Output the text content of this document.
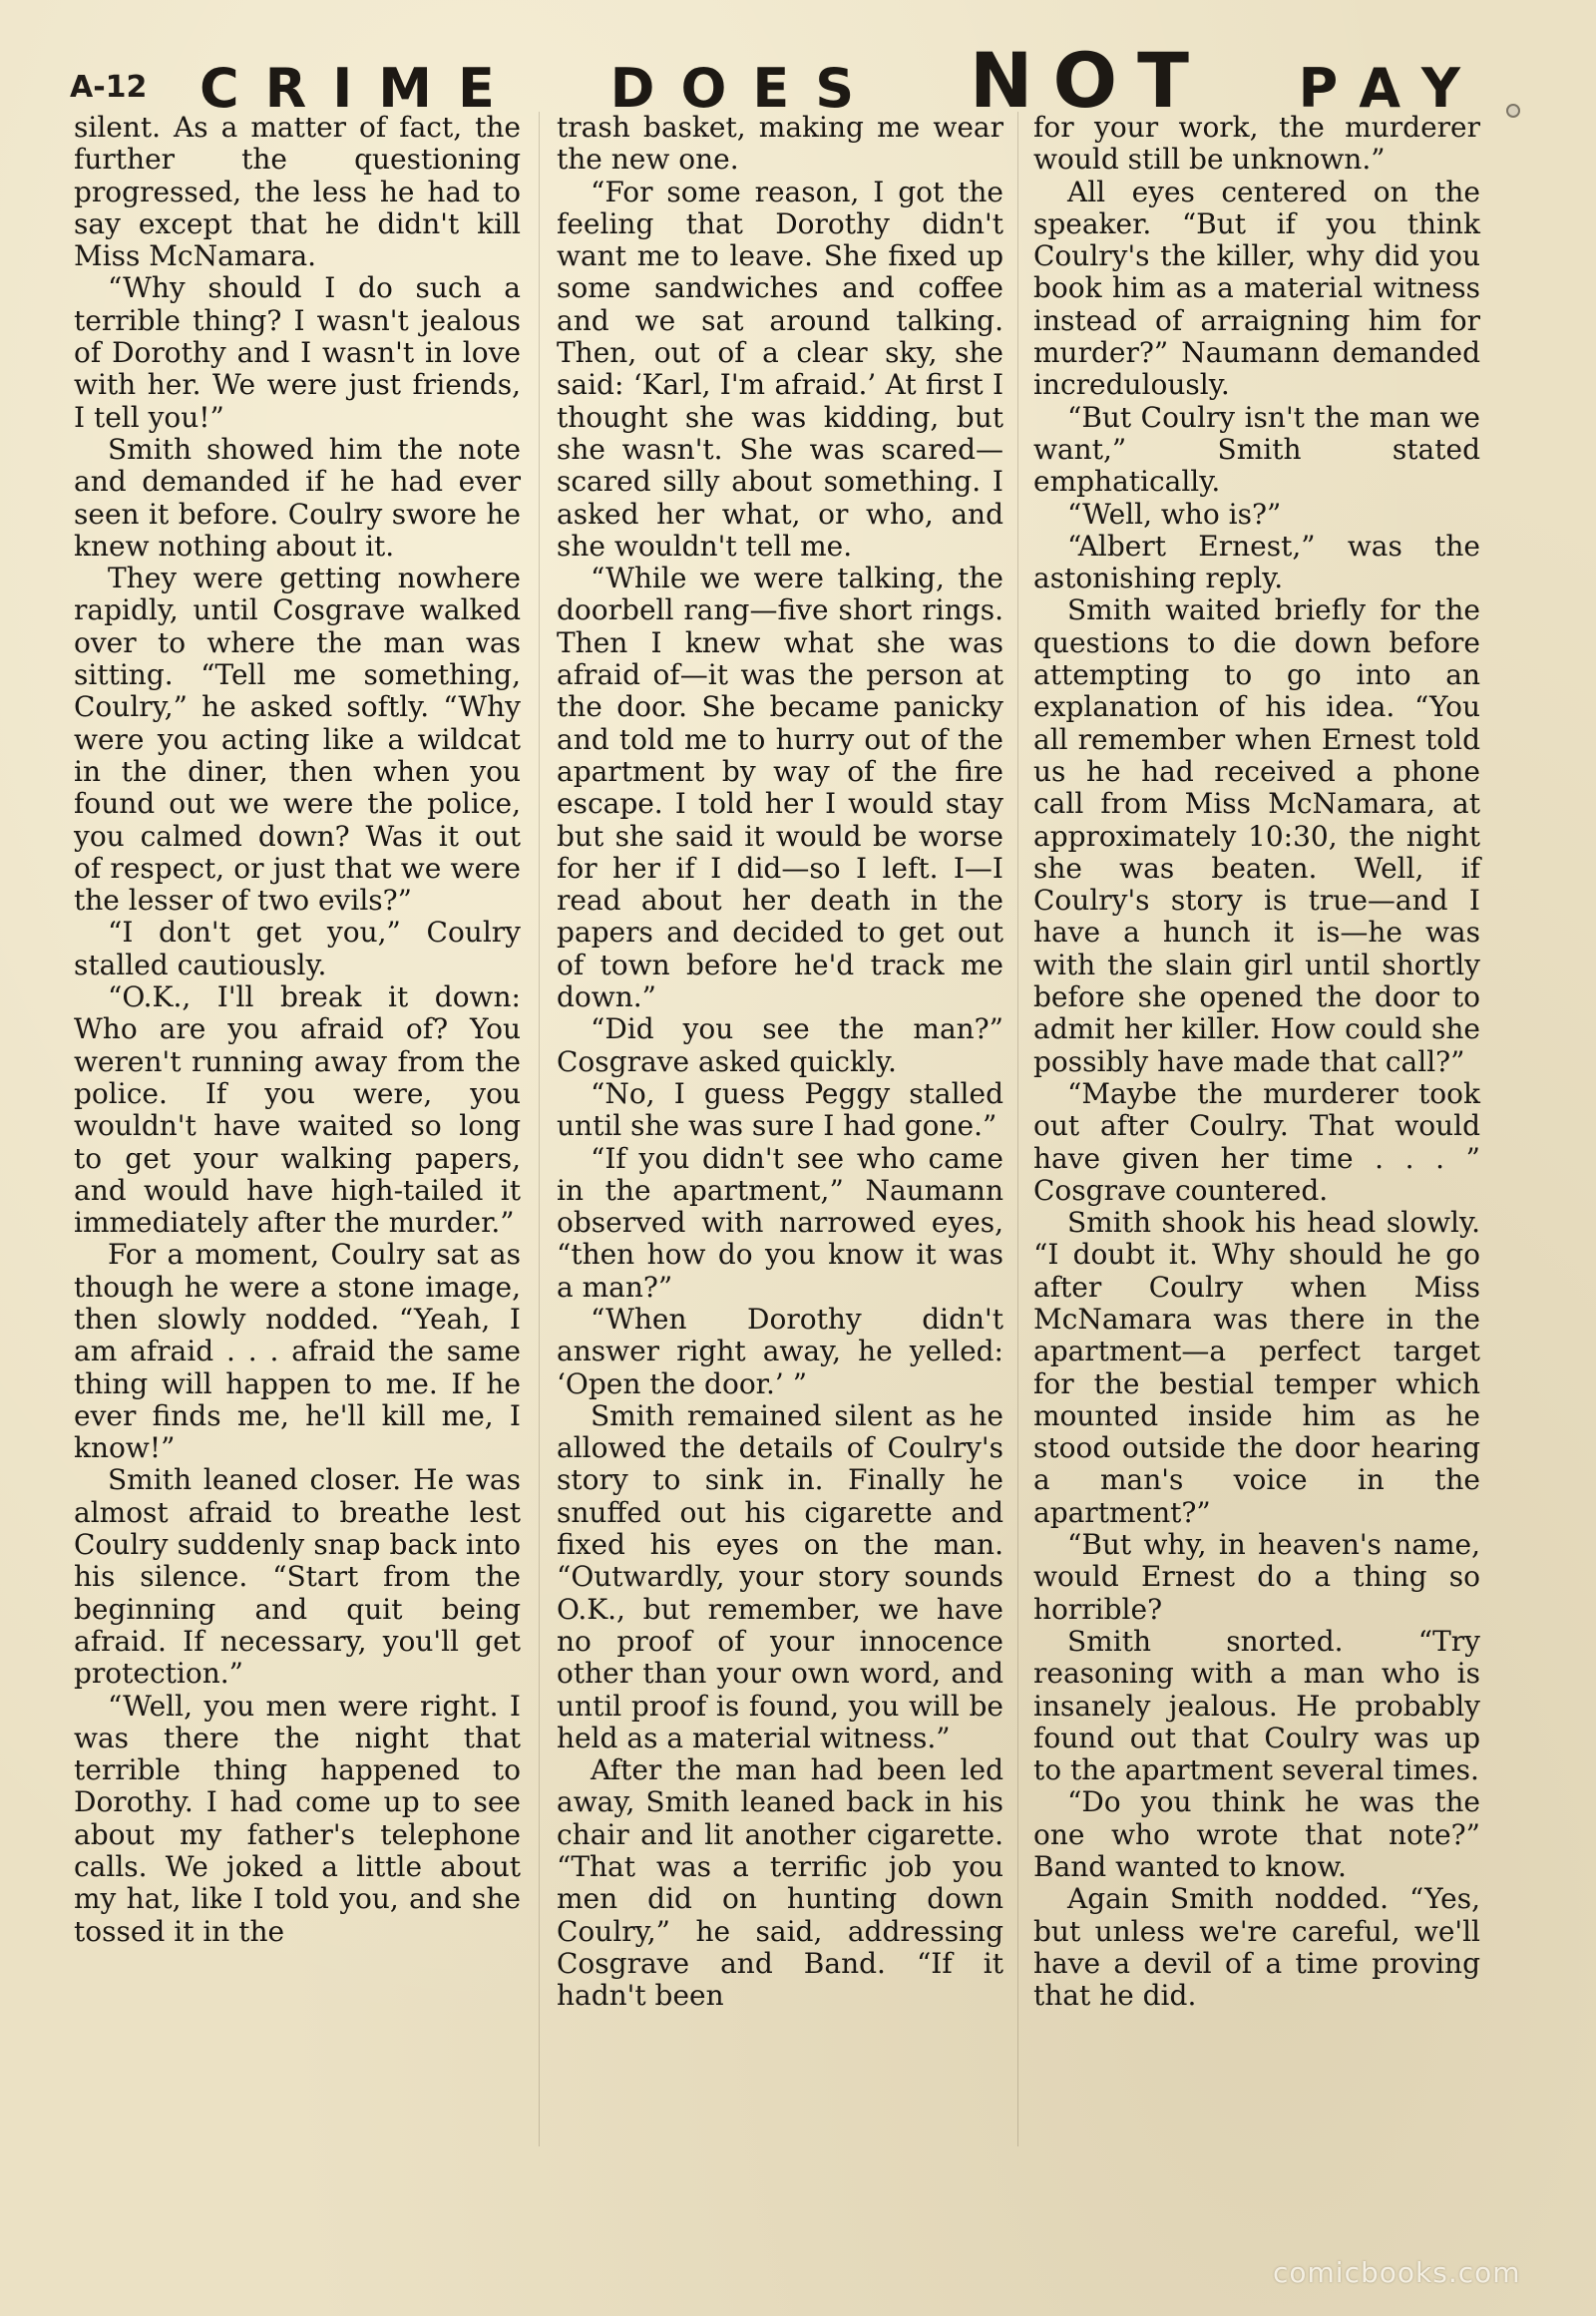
A-12 CRIME DOES NOT PAY

silent. As a matter of fact, the further the questioning progressed, the less he had to say except that he didn't kill Miss McNamara.

“Why should I do such a terrible thing? I wasn't jealous of Dorothy and I wasn't in love with her. We were just friends, I tell you!”

Smith showed him the note and demanded if he had ever seen it before. Coulry swore he knew nothing about it.

They were getting nowhere rapidly, until Cosgrave walked over to where the man was sitting. “Tell me something, Coulry,” he asked softly. “Why were you acting like a wildcat in the diner, then when you found out we were the police, you calmed down? Was it out of respect, or just that we were the lesser of two evils?”

“I don't get you,” Coulry stalled cautiously.

“O.K., I'll break it down: Who are you afraid of? You weren't running away from the police. If you were, you wouldn't have waited so long to get your walking papers, and would have high-tailed it immediately after the murder.”

For a moment, Coulry sat as though he were a stone image, then slowly nodded. “Yeah, I am afraid . . . afraid the same thing will happen to me. If he ever finds me, he'll kill me, I know!”

Smith leaned closer. He was almost afraid to breathe lest Coulry suddenly snap back into his silence. “Start from the beginning and quit being afraid. If necessary, you'll get protection.”

“Well, you men were right. I was there the night that terrible thing happened to Dorothy. I had come up to see about my father's telephone calls. We joked a little about my hat, like I told you, and she tossed it in the

trash basket, making me wear the new one.

“For some reason, I got the feeling that Dorothy didn't want me to leave. She fixed up some sandwiches and coffee and we sat around talking. Then, out of a clear sky, she said: ‘Karl, I'm afraid.’ At first I thought she was kidding, but she wasn't. She was scared—scared silly about something. I asked her what, or who, and she wouldn't tell me.

“While we were talking, the doorbell rang—five short rings. Then I knew what she was afraid of—it was the person at the door. She became panicky and told me to hurry out of the apartment by way of the fire escape. I told her I would stay but she said it would be worse for her if I did—so I left. I—I read about her death in the papers and decided to get out of town before he'd track me down.”

“Did you see the man?” Cosgrave asked quickly.

“No, I guess Peggy stalled until she was sure I had gone.”

“If you didn't see who came in the apartment,” Naumann observed with narrowed eyes, “then how do you know it was a man?”

“When Dorothy didn't answer right away, he yelled: ‘Open the door.’ ”

Smith remained silent as he allowed the details of Coulry's story to sink in. Finally he snuffed out his cigarette and fixed his eyes on the man. “Outwardly, your story sounds O.K., but remember, we have no proof of your innocence other than your own word, and until proof is found, you will be held as a material witness.”

After the man had been led away, Smith leaned back in his chair and lit another cigarette. “That was a terrific job you men did on hunting down Coulry,” he said, addressing Cosgrave and Band. “If it hadn't been

for your work, the murderer would still be unknown.”

All eyes centered on the speaker. “But if you think Coulry's the killer, why did you book him as a material witness instead of arraigning him for murder?” Naumann demanded incredulously.

“But Coulry isn't the man we want,” Smith stated emphatically.

“Well, who is?”

“Albert Ernest,” was the astonishing reply.

Smith waited briefly for the questions to die down before attempting to go into an explanation of his idea. “You all remember when Ernest told us he had received a phone call from Miss McNamara, at approximately 10:30, the night she was beaten. Well, if Coulry's story is true—and I have a hunch it is—he was with the slain girl until shortly before she opened the door to admit her killer. How could she possibly have made that call?”

“Maybe the murderer took out after Coulry. That would have given her time . . . ” Cosgrave countered.

Smith shook his head slowly. “I doubt it. Why should he go after Coulry when Miss McNamara was there in the apartment—a perfect target for the bestial temper which mounted inside him as he stood outside the door hearing a man's voice in the apartment?”

“But why, in heaven's name, would Ernest do a thing so horrible?

Smith snorted. “Try reasoning with a man who is insanely jealous. He probably found out that Coulry was up to the apartment several times.

“Do you think he was the one who wrote that note?” Band wanted to know.

Again Smith nodded. “Yes, but unless we're careful, we'll have a devil of a time proving that he did.

comicbooks.com
